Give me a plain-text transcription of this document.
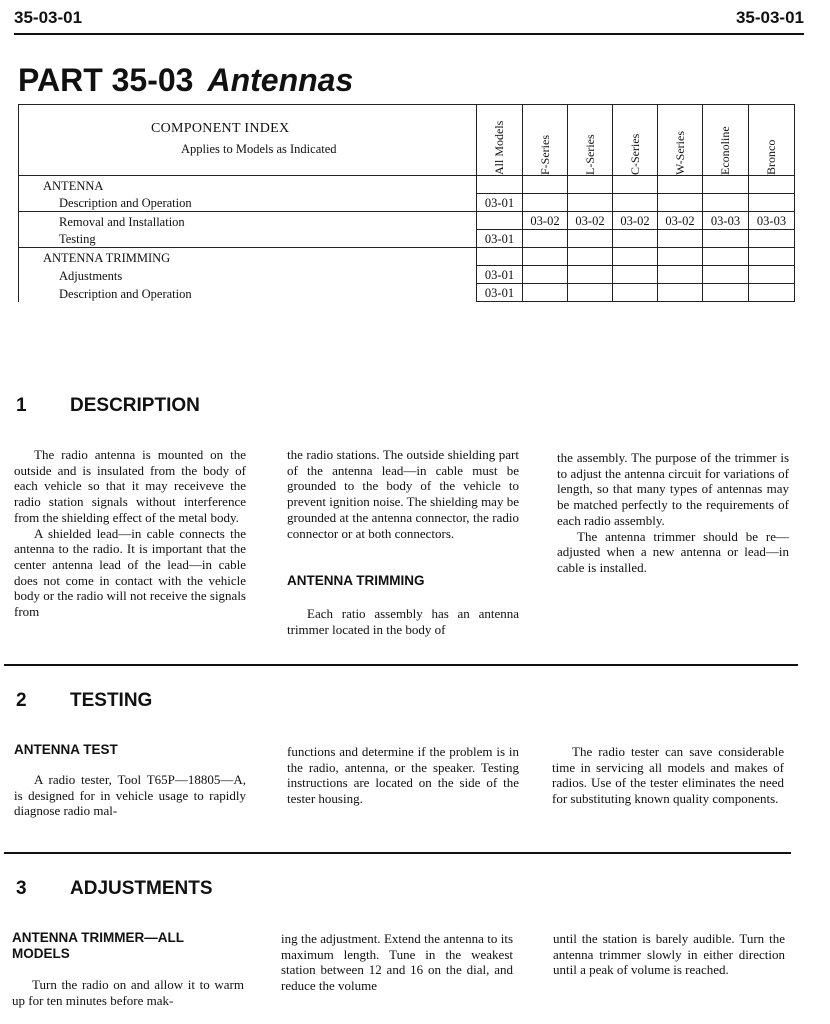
35-03-01	35-03-01
PART 35-03 Antennas
COMPONENT INDEX
Applies to Models as Indicated	All Models	F-Series	L-Series	C-Series	W-Series	Econoline	Bronco

ANTENNA							
Description and Operation	03-01						
Removal and Installation		03-02	03-02	03-02	03-02	03-03	03-03
Testing	03-01						
ANTENNA TRIMMING							
Adjustments	03-01						
Description and Operation	03-01						
1 DESCRIPTION

The radio antenna is mounted on the outside and is insulated from the body of each vehicle so that it may receiveve the radio station signals without interference from the shielding effect of the metal body.

A shielded lead—in cable connects the antenna to the radio. It is important that the center antenna lead of the lead—in cable does not come in contact with the vehicle body or the radio will not receive the signals from

the radio stations. The outside shielding part of the antenna lead—in cable must be grounded to the body of the vehicle to prevent ignition noise. The shielding may be grounded at the antenna connector, the radio connector or at both connectors.

ANTENNA TRIMMING

Each ratio assembly has an antenna trimmer located in the body of

the assembly. The purpose of the trimmer is to adjust the antenna circuit for variations of length, so that many types of antennas may be matched perfectly to the requirements of each radio assembly.

The antenna trimmer should be re—adjusted when a new antenna or lead—in cable is installed.

2 TESTING
ANTENNA TEST

A radio tester, Tool T65P—18805—A, is designed for in vehicle usage to rapidly diagnose radio mal-

functions and determine if the problem is in the radio, antenna, or the speaker. Testing instructions are located on the side of the tester housing.

The radio tester can save considerable time in servicing all models and makes of radios. Use of the tester eliminates the need for substituting known quality components.

3 ADJUSTMENTS
ANTENNA TRIMMER—ALL MODELS

Turn the radio on and allow it to warm up for ten minutes before mak-

ing the adjustment. Extend the antenna to its maximum length. Tune in the weakest station between 12 and 16 on the dial, and reduce the volume

until the station is barely audible. Turn the antenna trimmer slowly in either direction until a peak of volume is reached.
